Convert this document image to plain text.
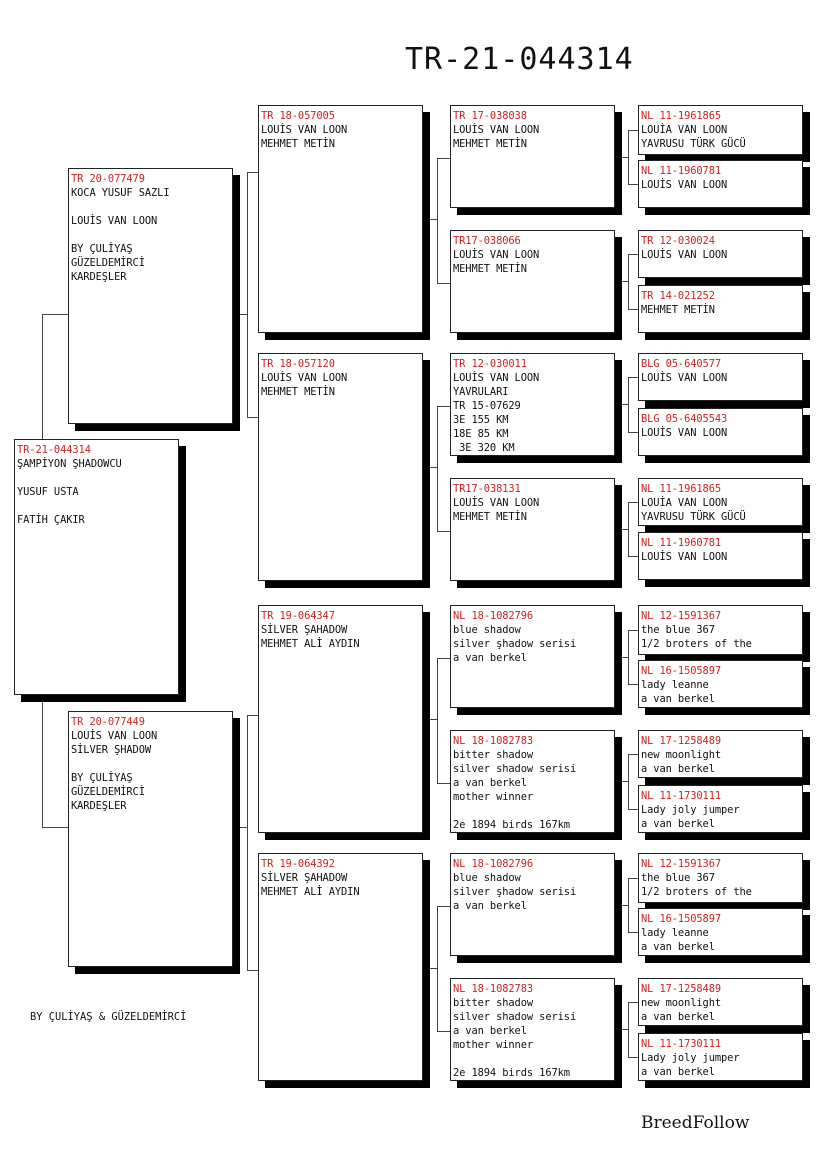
TR-21-044314
TR-21-044314
ŞAMPİYON ŞHADOWCU

YUSUF USTA

FATİH ÇAKIR
TR 20-077479
KOCA YUSUF SAZLI

LOUİS VAN LOON

BY ÇULİYAŞ
GÜZELDEMİRCİ
KARDEŞLER
TR 20-077449
LOUİS VAN LOON
SİLVER ŞHADOW

BY ÇULİYAŞ
GÜZELDEMİRCİ
KARDEŞLER
TR 18-057005
LOUİS VAN LOON
MEHMET METİN
TR 18-057120
LOUİS VAN LOON
MEHMET METİN
TR 19-064347
SİLVER ŞAHADOW
MEHMET ALİ AYDIN
TR 19-064392
SİLVER ŞAHADOW
MEHMET ALİ AYDIN
TR 17-038038
LOUİS VAN LOON
MEHMET METİN
TR17-038066
LOUİS VAN LOON
MEHMET METİN
TR 12-030011
LOUİS VAN LOON
YAVRULARI
TR 15-07629
3E 155 KM
18E 85 KM
3E 320 KM
TR17-038131
LOUİS VAN LOON
MEHMET METİN
NL 18-1082796
blue shadow
silver şhadow serisi
a van berkel
NL 18-1082783
bitter shadow
silver shadow serisi
a van berkel
mother winner

2e 1894 birds 167km
NL 18-1082796
blue shadow
silver şhadow serisi
a van berkel
NL 18-1082783
bitter shadow
silver shadow serisi
a van berkel
mother winner

2e 1894 birds 167km
NL 11-1961865
LOUİA VAN LOON
YAVRUSU TÜRK GÜCÜ
NL 11-1960781
LOUİS VAN LOON
TR 12-030024
LOUİS VAN LOON
TR 14-021252
MEHMET METİN
BLG 05-640577
LOUİS VAN LOON
BLG 05-6405543
LOUİS VAN LOON
NL 11-1961865
LOUİA VAN LOON
YAVRUSU TÜRK GÜCÜ
NL 11-1960781
LOUİS VAN LOON
NL 12-1591367
the blue 367
1/2 broters of the
NL 16-1505897
lady leanne
a van berkel
NL 17-1258489
new moonlight
a van berkel
NL 11-1730111
Lady joly jumper
a van berkel
NL 12-1591367
the blue 367
1/2 broters of the
NL 16-1505897
lady leanne
a van berkel
NL 17-1258489
new moonlight
a van berkel
NL 11-1730111
Lady joly jumper
a van berkel
BY ÇULİYAŞ & GÜZELDEMİRCİ
BreedFollow
